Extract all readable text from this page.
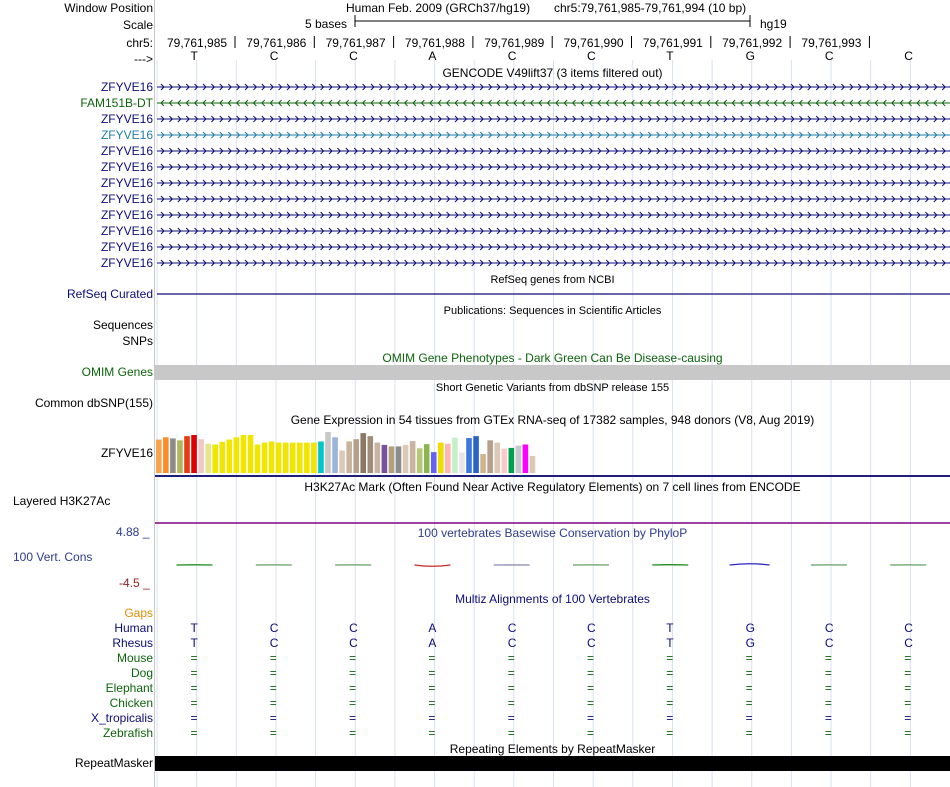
Window Position	Human Feb. 2009 (GRCh37/hg19) chr5:79,761,985-79,761,994 (10 bp)
Scale	5 bases	hg19
chr5: 79,761,985 79,761,986 79,761,987 79,761,988 79,761,989 79,761,990 79,761,991 79,761,992 79,761,993
--->	T	C	C	A	C	C	T	G	C	C
GENCODE V49lift37 (3 items filtered out)
ZFYVE16
FAM151B-DT
ZFYVE16
ZFYVE16
ZFYVE16
ZFYVE16
ZFYVE16
ZFYVE16
ZFYVE16
ZFYVE16
ZFYVE16
ZFYVE16
RefSeq genes from NCBI
RefSeq Curated
Publications: Sequences in Scientific Articles
Sequences
SNPs
OMIM Gene Phenotypes - Dark Green Can Be Disease-causing
OMIM Genes
Short Genetic Variants from dbSNP release 155
Common dbSNP(155)
Gene Expression in 54 tissues from GTEx RNA-seq of 17382 samples, 948 donors (V8, Aug 2019)
ZFYVE16
H3K27Ac Mark (Often Found Near Active Regulatory Elements) on 7 cell lines from ENCODE
Layered H3K27Ac
100 vertebrates Basewise Conservation by PhyloP
4.88 _
100 Vert. Cons
-4.5 _
Gaps
Multiz Alignments of 100 Vertebrates
Human	T	C	C	A	C	C	T	G	C	C
Rhesus	T	C	C	A	C	C	T	G	C	C
Mouse	=	=	=	=	=	=	=	=	=	=
Dog	=	=	=	=	=	=	=	=	=	=
Elephant	=	=	=	=	=	=	=	=	=	=
Chicken	=	=	=	=	=	=	=	=	=	=
X_tropicalis	=	=	=	=	=	=	=	=	=	=
Zebrafish	=	=	=	=	=	=	=	=	=	=
Repeating Elements by RepeatMasker
RepeatMasker
